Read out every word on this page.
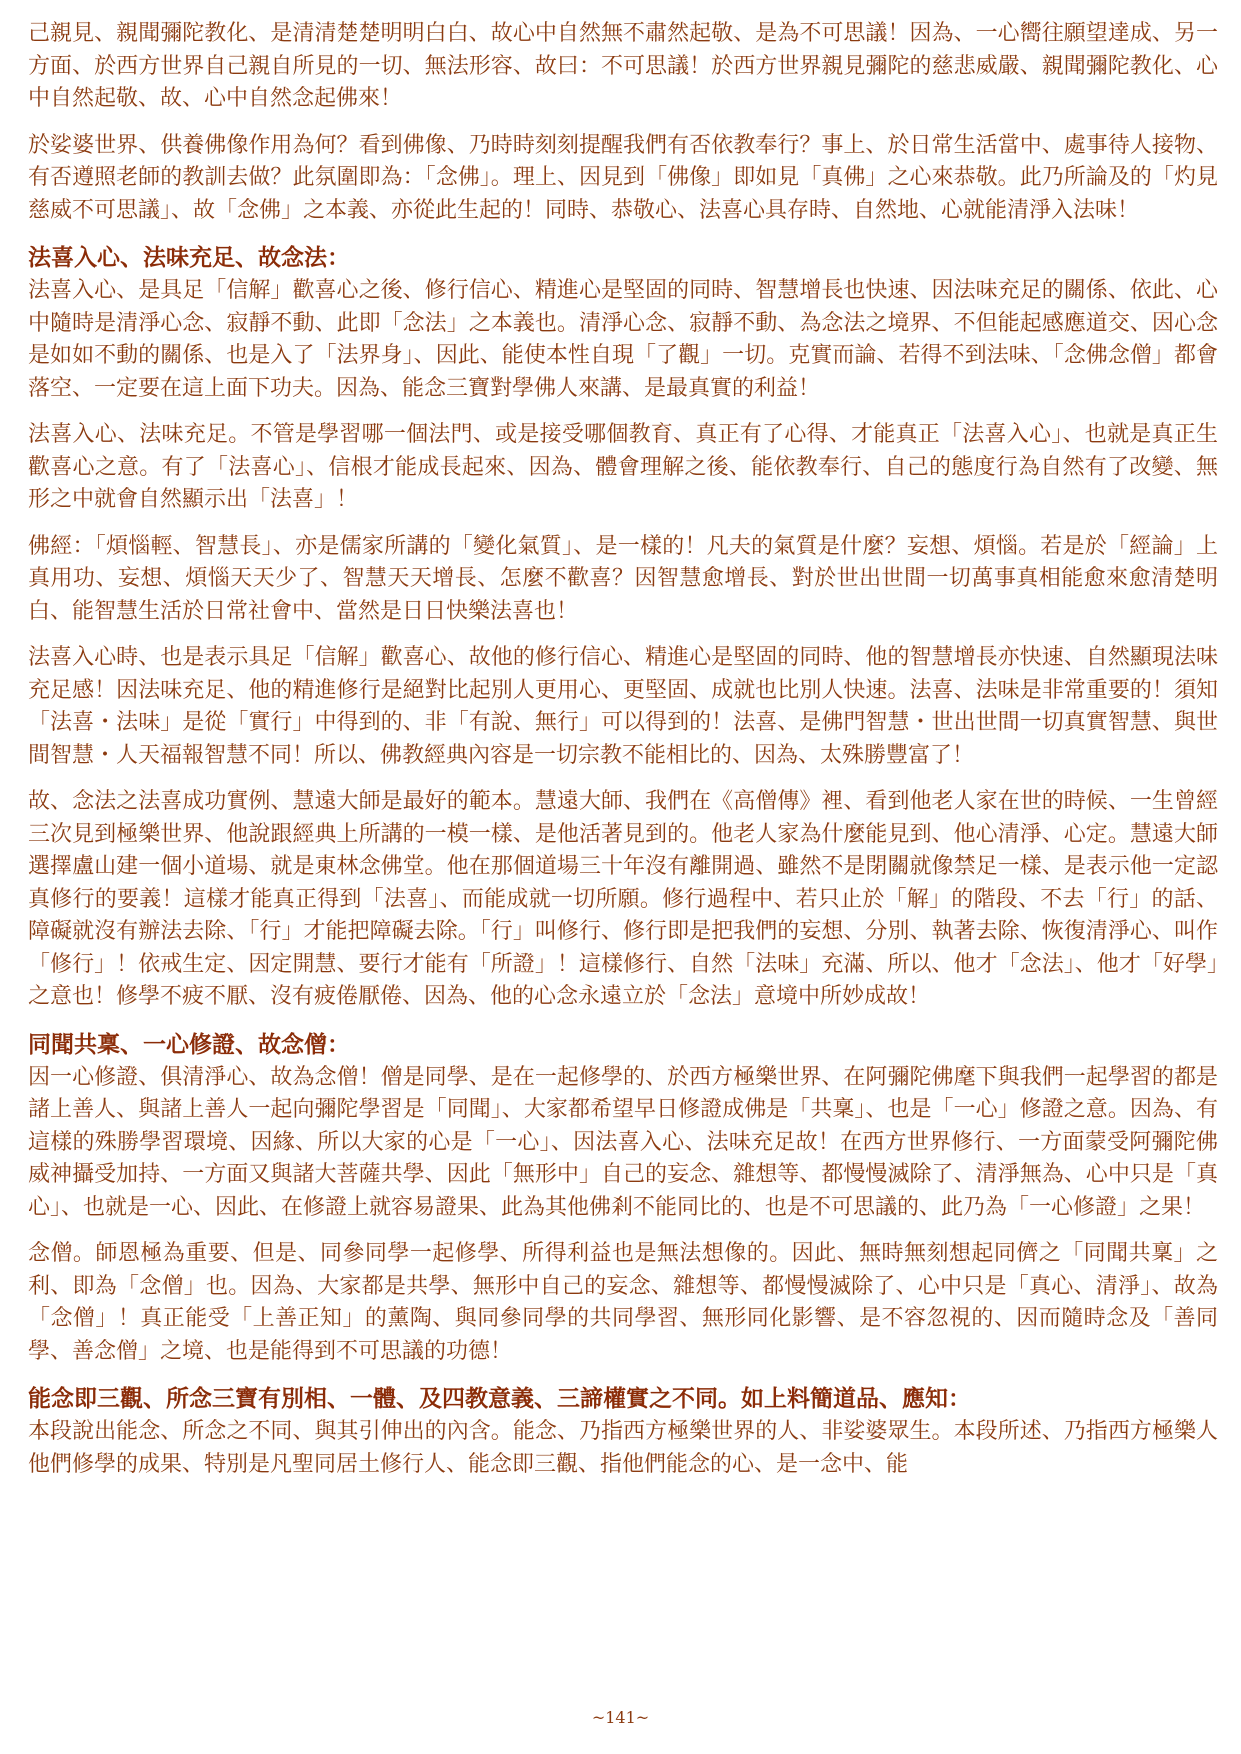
己親見、親聞彌陀教化、是清清楚楚明明白白、故心中自然無不肅然起敬、是為不可思議！因為、一心嚮往願望達成、另一方面、於西方世界自己親自所見的一切、無法形容、故曰：不可思議！於西方世界親見彌陀的慈悲威嚴、親聞彌陀教化、心中自然起敬、故、心中自然念起佛來！

於娑婆世界、供養佛像作用為何？看到佛像、乃時時刻刻提醒我們有否依教奉行？事上、於日常生活當中、處事待人接物、有否遵照老師的教訓去做？此氛圍即為：「念佛」。理上、因見到「佛像」即如見「真佛」之心來恭敬。此乃所論及的「灼見慈威不可思議」、故「念佛」之本義、亦從此生起的！同時、恭敬心、法喜心具存時、自然地、心就能清淨入法味！

法喜入心、法味充足、故念法：

法喜入心、是具足「信解」歡喜心之後、修行信心、精進心是堅固的同時、智慧增長也快速、因法味充足的關係、依此、心中隨時是清淨心念、寂靜不動、此即「念法」之本義也。清淨心念、寂靜不動、為念法之境界、不但能起感應道交、因心念是如如不動的關係、也是入了「法界身」、因此、能使本性自現「了觀」一切。克實而論、若得不到法味、「念佛念僧」都會落空、一定要在這上面下功夫。因為、能念三寶對學佛人來講、是最真實的利益！

法喜入心、法味充足。不管是學習哪一個法門、或是接受哪個教育、真正有了心得、才能真正「法喜入心」、也就是真正生歡喜心之意。有了「法喜心」、信根才能成長起來、因為、體會理解之後、能依教奉行、自己的態度行為自然有了改變、無形之中就會自然顯示出「法喜」！

佛經：「煩惱輕、智慧長」、亦是儒家所講的「變化氣質」、是一樣的！凡夫的氣質是什麼？妄想、煩惱。若是於「經論」上真用功、妄想、煩惱天天少了、智慧天天增長、怎麼不歡喜？因智慧愈增長、對於世出世間一切萬事真相能愈來愈清楚明白、能智慧生活於日常社會中、當然是日日快樂法喜也！

法喜入心時、也是表示具足「信解」歡喜心、故他的修行信心、精進心是堅固的同時、他的智慧增長亦快速、自然顯現法味充足感！因法味充足、他的精進修行是絕對比起別人更用心、更堅固、成就也比別人快速。法喜、法味是非常重要的！須知「法喜・法味」是從「實行」中得到的、非「有說、無行」可以得到的！法喜、是佛門智慧・世出世間一切真實智慧、與世間智慧・人天福報智慧不同！所以、佛教經典內容是一切宗教不能相比的、因為、太殊勝豐富了！

故、念法之法喜成功實例、慧遠大師是最好的範本。慧遠大師、我們在《高僧傳》裡、看到他老人家在世的時候、一生曾經三次見到極樂世界、他說跟經典上所講的一模一樣、是他活著見到的。他老人家為什麼能見到、他心清淨、心定。慧遠大師選擇盧山建一個小道場、就是東林念佛堂。他在那個道場三十年沒有離開過、雖然不是閉關就像禁足一樣、是表示他一定認真修行的要義！這樣才能真正得到「法喜」、而能成就一切所願。修行過程中、若只止於「解」的階段、不去「行」的話、障礙就沒有辦法去除、「行」才能把障礙去除。「行」叫修行、修行即是把我們的妄想、分別、執著去除、恢復清淨心、叫作「修行」！依戒生定、因定開慧、要行才能有「所證」！這樣修行、自然「法味」充滿、所以、他才「念法」、他才「好學」之意也！修學不疲不厭、沒有疲倦厭倦、因為、他的心念永遠立於「念法」意境中所妙成故！

同聞共稟、一心修證、故念僧：

因一心修證、俱清淨心、故為念僧！僧是同學、是在一起修學的、於西方極樂世界、在阿彌陀佛麾下與我們一起學習的都是諸上善人、與諸上善人一起向彌陀學習是「同聞」、大家都希望早日修證成佛是「共稟」、也是「一心」修證之意。因為、有這樣的殊勝學習環境、因緣、所以大家的心是「一心」、因法喜入心、法味充足故！在西方世界修行、一方面蒙受阿彌陀佛威神攝受加持、一方面又與諸大菩薩共學、因此「無形中」自己的妄念、雜想等、都慢慢滅除了、清淨無為、心中只是「真心」、也就是一心、因此、在修證上就容易證果、此為其他佛剎不能同比的、也是不可思議的、此乃為「一心修證」之果！

念僧。師恩極為重要、但是、同參同學一起修學、所得利益也是無法想像的。因此、無時無刻想起同儕之「同聞共稟」之利、即為「念僧」也。因為、大家都是共學、無形中自己的妄念、雜想等、都慢慢滅除了、心中只是「真心、清淨」、故為「念僧」！真正能受「上善正知」的薰陶、與同參同學的共同學習、無形同化影響、是不容忽視的、因而隨時念及「善同學、善念僧」之境、也是能得到不可思議的功德！

能念即三觀、所念三寶有別相、一體、及四教意義、三諦權實之不同。如上料簡道品、應知：

本段說出能念、所念之不同、與其引伸出的內含。能念、乃指西方極樂世界的人、非娑婆眾生。本段所述、乃指西方極樂人他們修學的成果、特別是凡聖同居土修行人、能念即三觀、指他們能念的心、是一念中、能

~141~
